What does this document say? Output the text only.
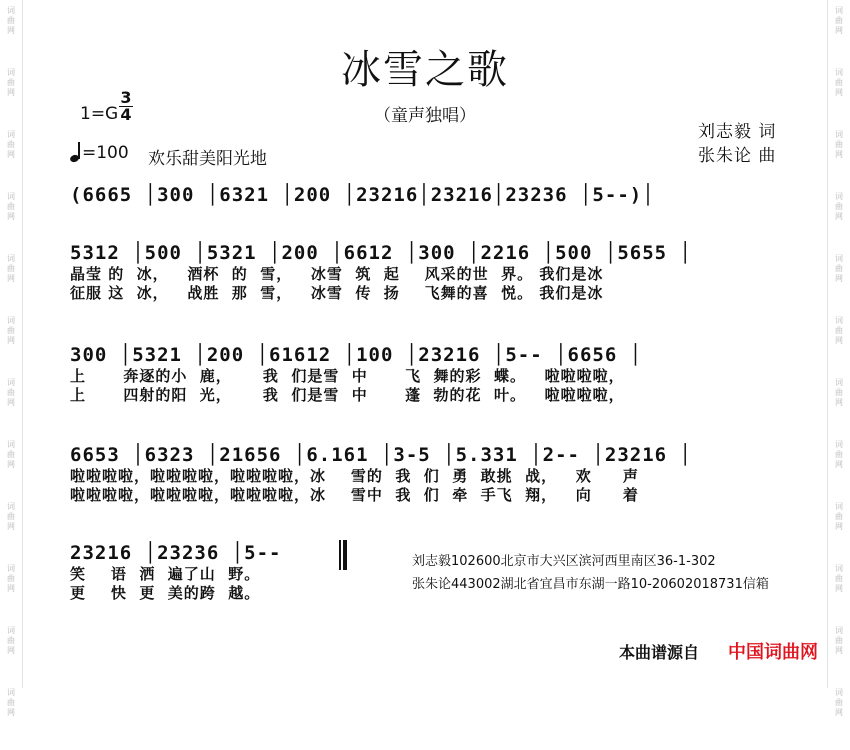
词
曲
网
词
曲
网
词
曲
网
词
曲
网
词
曲
网
词
曲
网
词
曲
网
词
曲
网
词
曲
网
词
曲
网
词
曲
网
词
曲
网
词
曲
网
词
曲
网
词
曲
网
词
曲
网
词
曲
网
词
曲
网
词
曲
网
词
曲
网
词
曲
网
词
曲
网
词
曲
网
词
曲
网
冰雪之歌
（童声独唱）
1=G
3
4
=100 欢乐甜美阳光地
刘志毅 词
张朱论 曲
(6665 │300 │6321 │200 │23216│23216│23236 │5--)│
5312 │500 │5321 │200 │6612 │300 │2216 │500 │5655 │
晶莹 的  冰，   酒杯  的  雪，   冰雪  筑  起    风采的世  界。 我们是冰
征服 这  冰，   战胜  那  雪，   冰雪  传  扬    飞舞的喜  悦。 我们是冰
300 │5321 │200 │61612 │100 │23216 │5-- │6656 │
上      奔逐的小  鹿，     我  们是雪  中      飞  舞的彩  蝶。   啦啦啦啦，
上      四射的阳  光，     我  们是雪  中      蓬  勃的花  叶。   啦啦啦啦，
6653 │6323 │21656 │6.161 │3-5 │5.331 │2-- │23216 │
啦啦啦啦，啦啦啦啦，啦啦啦啦，冰    雪的  我  们  勇  敢挑  战，   欢     声
啦啦啦啦，啦啦啦啦，啦啦啦啦，冰    雪中  我  们  牵  手飞  翔，   向     着
23216 │23236 │5--
笑    语  洒  遍了山  野。
更    快  更  美的跨  越。
刘志毅102600北京市大兴区滨河西里南区36-1-302
张朱论443002湖北省宜昌市东湖一路10-20602018731信箱
本曲谱源自 中国词曲网
